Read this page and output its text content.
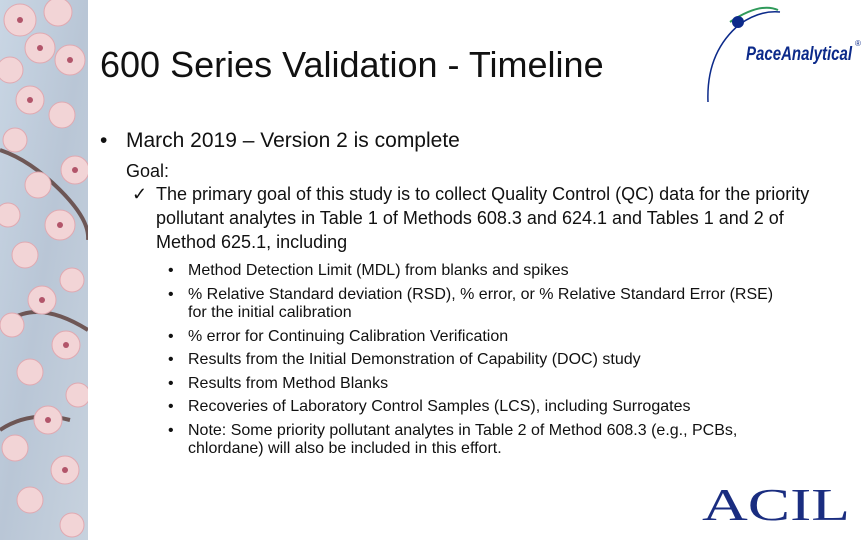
600 Series Validation - Timeline	PaceAnalytical
®

• March 2019 – Version 2 is complete

Goal:
✓ The primary goal of this study is to collect Quality Control (QC) data for the priority pollutant analytes in Table 1 of Methods 608.3 and 624.1 and Tables 1 and 2 of Method 625.1, including
• Method Detection Limit (MDL) from blanks and spikes
• % Relative Standard deviation (RSD), % error, or % Relative Standard Error (RSE) for the initial calibration
• % error for Continuing Calibration Verification
• Results from the Initial Demonstration of Capability (DOC) study
• Results from Method Blanks
• Recoveries of Laboratory Control Samples (LCS), including Surrogates
• Note: Some priority pollutant analytes in Table 2 of Method 608.3 (e.g., PCBs, chlordane) will also be included in this effort.
ACIL
